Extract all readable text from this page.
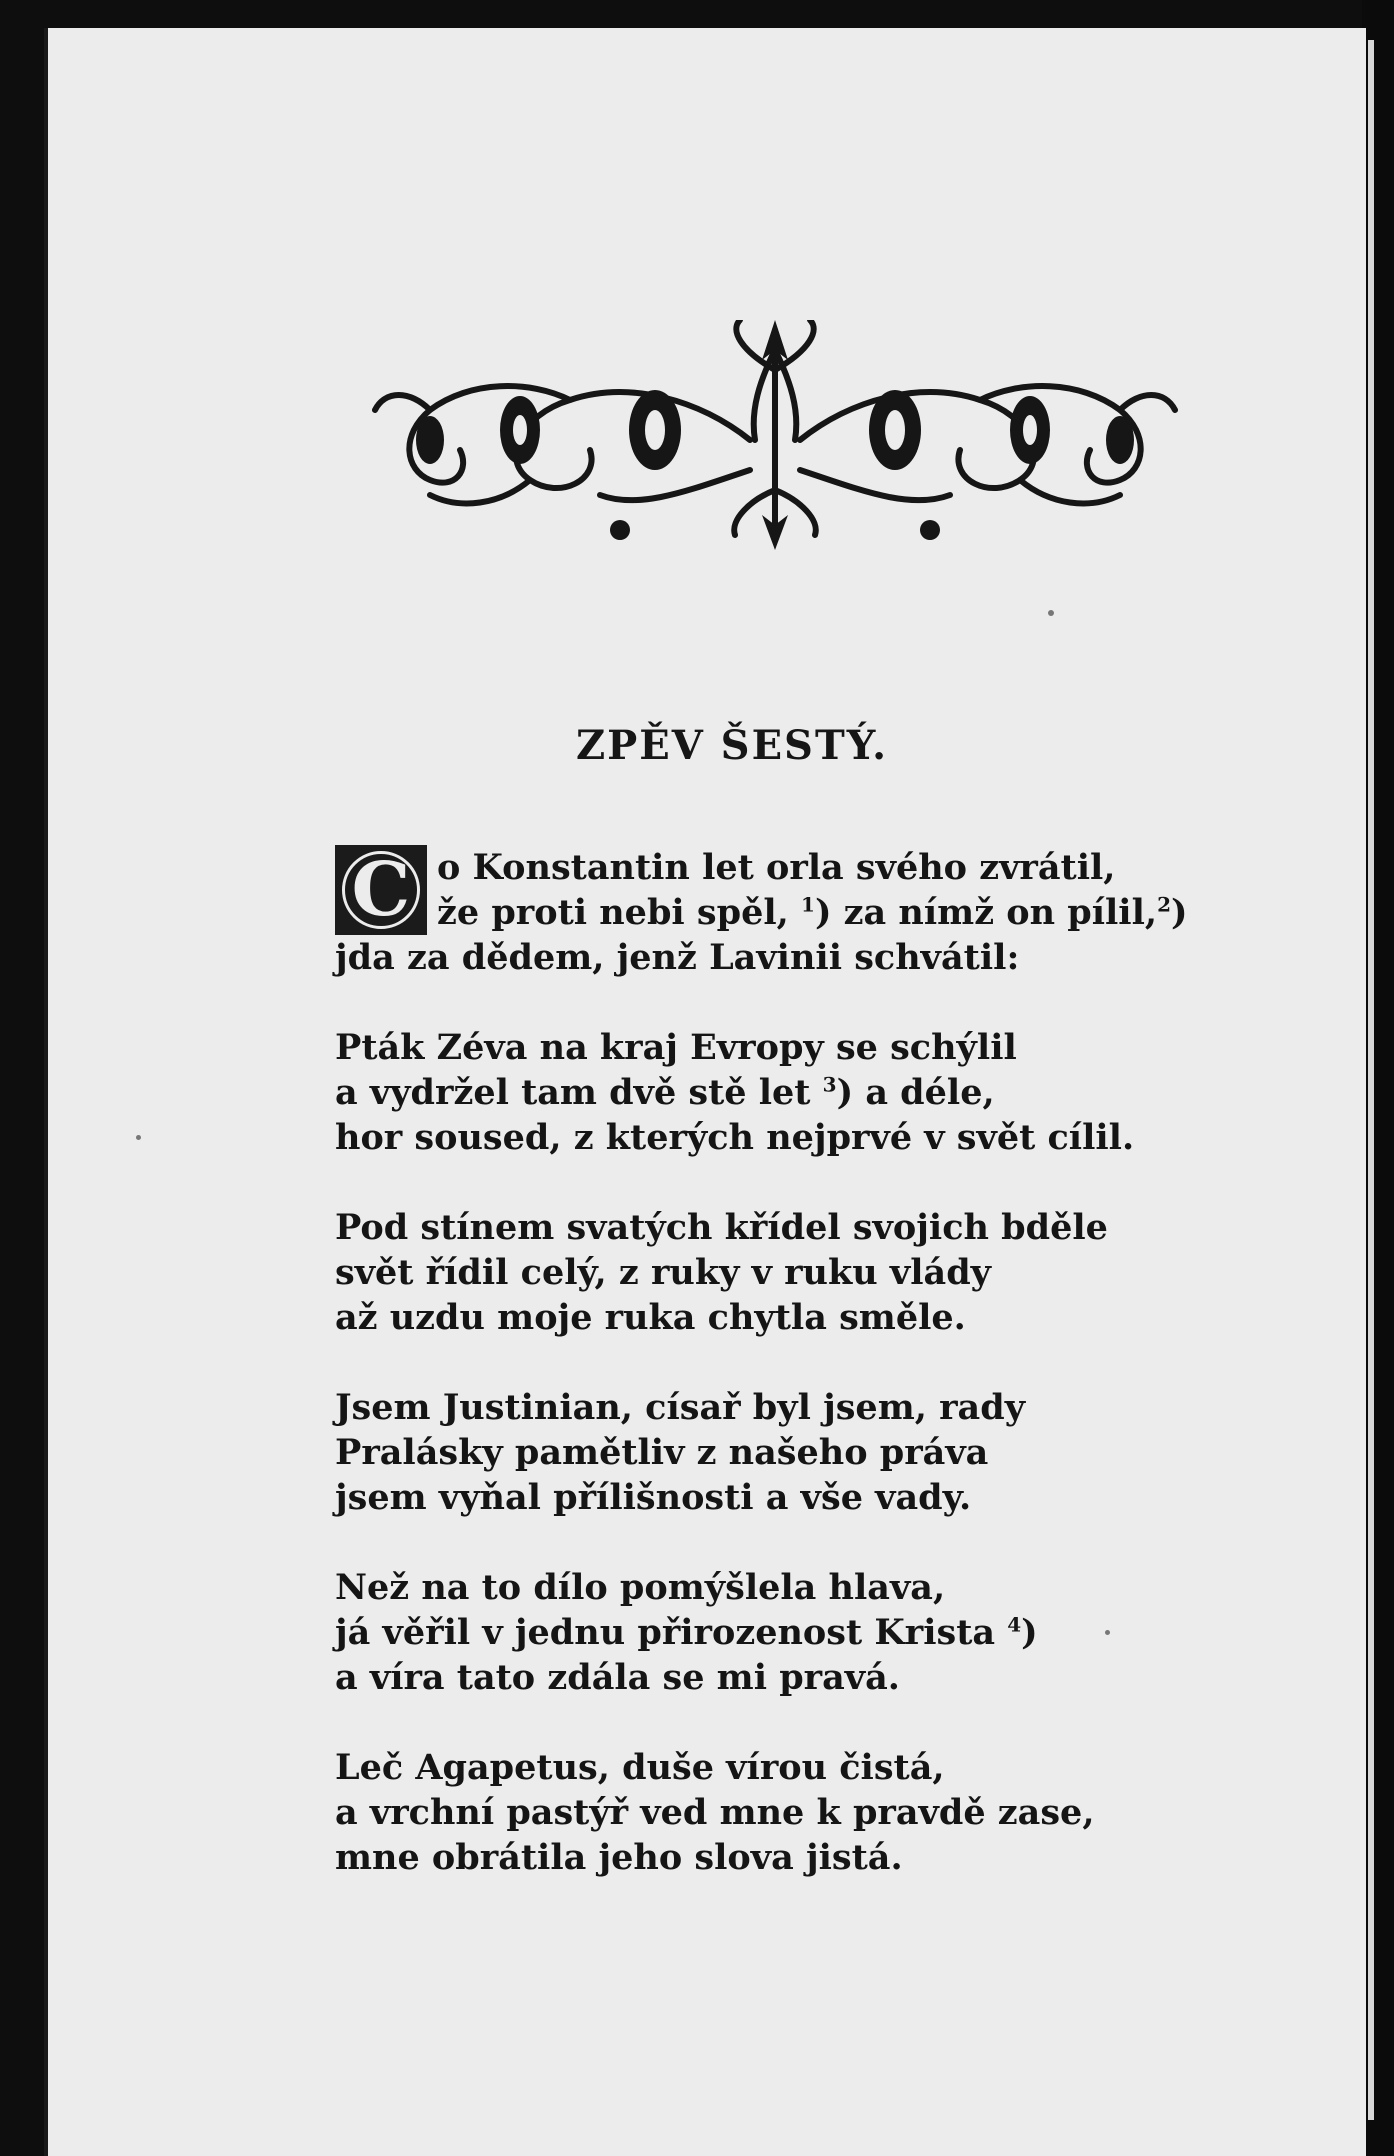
ZPĚV ŠESTÝ.
C o Konstantin let orla svého zvrátil,
že proti nebi spěl, $^1$) za nímž on pílil,$^2$)
jda za dědem, jenž Lavinii schvátil:
Pták Zéva na kraj Evropy se schýlil
a vydržel tam dvě stě let $^3$) a déle,
hor soused, z kterých nejprvé v svět cílil.
Pod stínem svatých křídel svojich bděle
svět řídil celý, z ruky v ruku vlády
až uzdu moje ruka chytla směle.
Jsem Justinian, císař byl jsem, rady
Pralásky pamětliv z našeho práva
jsem vyňal přílišnosti a vše vady.
Než na to dílo pomýšlela hlava,
já věřil v jednu přirozenost Krista $^4$)
a víra tato zdála se mi pravá.
Leč Agapetus, duše vírou čistá,
a vrchní pastýř ved mne k pravdě zase,
mne obrátila jeho slova jistá.
